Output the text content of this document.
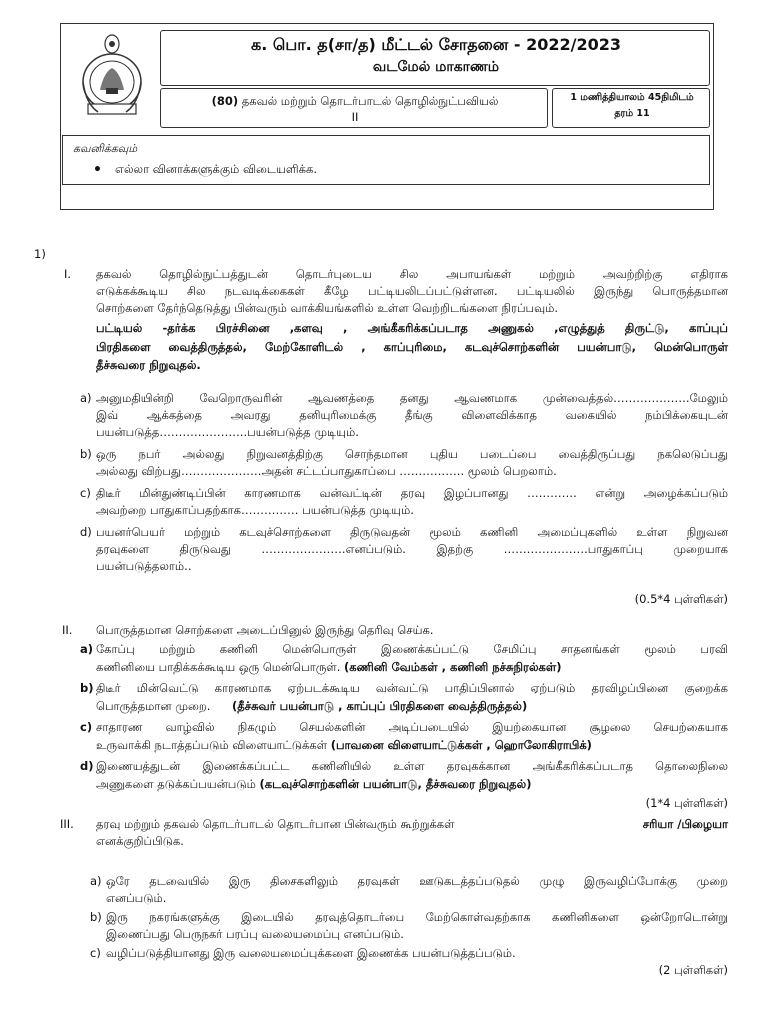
க. பொ. த(சா/த) மீட்டல் சோதனை - 2022/2023
வடமேல் மாகாணம்
(80) தகவல் மற்றும் தொடர்பாடல் தொழில்நுட்பவியல்
II
1 மணித்தியாலம் 45நிமிடம்
தரம் 11
கவனிக்கவும்
• எல்லா வினாக்களுக்கும் விடையளிக்க.
1)
I. தகவல் தொழில்நுட்பத்துடன் தொடர்புடைய சில அபாயங்கள் மற்றும் அவற்றிற்கு எதிராக
எடுக்கக்கூடிய சில நடவடிக்கைகள் கீழே பட்டியலிடப்பட்டுள்ளன. பட்டியலில் இருந்து பொருத்தமான
சொற்களை தேர்ந்தெடுத்து பின்வரும் வாக்கியங்களில் உள்ள வெற்றிடங்களை நிரப்பவும்.
பட்டியல் -தர்க்க பிரச்சினை ,களவு , அங்கீகரிக்கப்படாத அணுகல் ,எழுத்துத் திருட்டு, காப்புப்
பிரதிகளை வைத்திருத்தல், மேற்கோளிடல் , காப்புரிமை, கடவுச்சொற்களின் பயன்பாடு, மென்பொருள்
தீச்சுவரை நிறுவுதல்.
a) அனுமதியின்றி வேறொருவரின் ஆவணத்தை தனது ஆவணமாக முன்வைத்தல்………………..மேலும்
இவ் ஆக்கத்தை அவரது தனியுரிமைக்கு தீங்கு விளைவிக்காத வகையில் நம்பிக்கையுடன்
பயன்படுத்த…………………..பயன்படுத்த முடியும்.
b) ஒரு நபர் அல்லது நிறுவனத்திற்கு சொந்தமான புதிய படைப்பை வைத்திருப்பது நகலெடுப்பது
அல்லது விற்பது…………………அதன் சட்டப்பாதுகாப்பை …………….. மூலம் பெறலாம்.
c) திடீர் மின்துண்டிப்பின் காரணமாக வன்வட்டின் தரவு இழப்பானது …………. என்று அழைக்கப்படும்
அவற்றை பாதுகாப்பதற்காக…………… பயன்படுத்த முடியும்.
d) பயனர்பெயர் மற்றும் கடவுச்சொற்களை திருடுவதன் மூலம் கணினி அமைப்புகளில் உள்ள நிறுவன
தரவுகளை திருடுவது ………………….எனப்படும். இதற்கு ………………….பாதுகாப்பு முறையாக
பயன்படுத்தலாம்..
(0.5*4 புள்ளிகள்)
II. பொருத்தமான சொற்களை அடைப்பினுல் இருந்து தெரிவு செய்க.
a) கோப்பு மற்றும் கணினி மென்பொருள் இணைக்கப்பட்டு சேமிப்பு சாதனங்கள் மூலம் பரவி
கணினியை பாதிக்கக்கூடிய ஒரு மென்பொருள். (கணினி வேம்கள் , கணினி நச்சுநிரல்கள்)
b) திடீர் மின்வெட்டு காரணமாக ஏற்படக்கூடிய வன்வட்டு பாதிப்பினால் ஏற்படும் தரவிழப்பினை குறைக்க
பொருத்தமான முறை. (தீச்சுவர் பயன்பாடு , காப்புப் பிரதிகளை வைத்திருத்தல்)
c) சாதாரண வாழ்வில் நிகழும் செயல்களின் அடிப்படையில் இயற்கையான சூழலை செயற்கையாக
உருவாக்கி நடாத்தப்படும் விளையாட்டுக்கள் (பாவனை விளையாட்டுக்கள் , ஹொலோகிராபிக்)
d) இணையத்துடன் இணைக்கப்பட்ட கணினியில் உள்ள தரவுகக்கான அங்கீகரிக்கப்படாத தொலைநிலை
அணுகளை தடுக்கப்பயன்படும் (கடவுச்சொற்களின் பயன்பாடு, தீச்சுவரை நிறுவுதல்)
(1*4 புள்ளிகள்)
III. தரவு மற்றும் தகவல் தொடர்பாடல் தொடர்பான பின்வரும் கூற்றுக்கள்	சரியா /பிழையா
எனக்குறிப்பிடுக.
a) ஒரே தடவையில் இரு திசைகளிலும் தரவுகள் ஊடுகடத்தப்படுதல் முழு இருவழிப்போக்கு முறை
எனப்படும்.
b) இரு நகரங்களுக்கு இடையில் தரவுத்தொடர்பை மேற்கொள்வதற்காக கணினிகளை ஒன்றோடொன்று
இணைப்பது பெருநகர் பரப்பு வலையமைப்பு எனப்படும்.
c) வழிப்படுத்தியானது இரு வலையமைப்புக்களை இணைக்க பயன்படுத்தப்படும்.
(2 புள்ளிகள்)
